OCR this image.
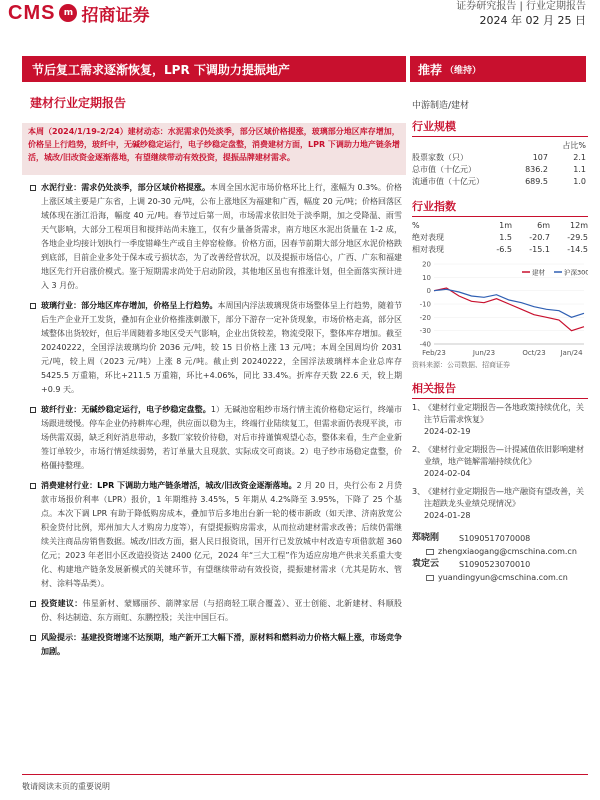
CMS m 招商证券	证券研究报告 | 行业定期报告
2024 年 02 月 25 日
节后复工需求逐渐恢复，LPR 下调助力提振地产	推荐 （维持）
建材行业定期报告	中游制造/建材
本周（2024/1/19-2/24）建材动态：水泥需求仍处淡季，部分区域价格提涨，玻璃部分地区库存增加，价格呈上行趋势，玻纤中，无碱纱稳定运行，电子纱稳定盘整，消费建材方面，LPR 下调助力地产链条增活，城改/旧改资金逐渐落地，有望继续带动有效投资，提振品牌建材需求。
水泥行业：需求仍处淡季，部分区域价格提涨。本周全国水泥市场价格环比上行，涨幅为 0.3%。价格上涨区域主要是广东省，上调 20-30 元/吨，公布上涨地区为福建和广西，幅度 20 元/吨；价格回落区域体现在浙江沿海，幅度 40 元/吨。春节过后第一周，市场需求依旧处于淡季期，加之受降温、雨雪天气影响，大部分工程项目和搅拌站尚未施工，仅有少量备货需求，南方地区水泥出货量在 1-2 成，各地企业均接计划执行一季度错峰生产或自主停窑检修。价格方面，因春节前期大部分地区水泥价格跌到底部，目前企业多处于保本或亏损状态，为了改善经营状况，以及提振市场信心，广西、广东和福建地区先行开启涨价模式。鉴于短期需求尚处于启动阶段，其他地区虽也有推涨计划，但全面落实预计进入 3 月份。
玻璃行业：部分地区库存增加，价格呈上行趋势。本周国内浮法玻璃现货市场整体呈上行趋势，随着节后生产企业开工发货，叠加有企业价格推涨刺激下，部分下游存一定补货现象，市场价格走高，部分区域整体出货较好，但后半周随着多地区受天气影响，企业出货较差，物流受限下，整体库存增加。截至 20240222，全国浮法玻璃均价 2036 元/吨，较 15 日价格上涨 13 元/吨；本周全国周均价 2031 元/吨，较上周（2023 元/吨）上涨 8 元/吨。截止到 20240222，全国浮法玻璃样本企业总库存 5425.5 万重箱，环比+211.5 万重箱，环比+4.06%，同比 33.4%。折库存天数 22.6 天，较上期+0.9 天。
玻纤行业：无碱纱稳定运行，电子纱稳定盘整。1）无碱池窑粗纱市场行情主流价格稳定运行，终端市场跟进缓慢。停车企业仍持耕库心理，供应面以稳为主，终端行业陆续复工，但需求面仍表现平淡，市场供需双弱，缺乏利好消息带动，多数厂家较价待稳，对后市持谨慎观望心态，整体来看，生产企业新签订单较少，市场行情延续弱势，若订单量大且现款、实际成交可商谈。2）电子纱市场稳定盘整，价格僵持整理。
消费建材行业：LPR 下调助力地产链条增活，城改/旧改资金逐渐落地。2 月 20 日，央行公布 2 月贷款市场报价利率（LPR）报价，1 年期维持 3.45%，5 年期从 4.2%降至 3.95%，下降了 25 个基点。本次下调 LPR 有助于降低购房成本，叠加节后多地出台新一轮的楼市新政（如天津、济南放宽公积金贷付比例，郑州加大人才购房力度等），有望提振购房需求，从而拉动建材需求改善；后续仍需继续关注商品房销售数据。城改/旧改方面，据人民日报资讯，国开行已发放城中村改造专项借款超 360 亿元；2023 年老旧小区改造投资达 2400 亿元，2024 年“三大工程”作为适应房地产供求关系重大变化、构建地产链条发展新模式的关键环节，有望继续带动有效投资，提振建材需求（尤其是防水、管材、涂料等品类）。
投资建议：伟星新材、蒙娜丽莎、箭牌家居（与招商轻工联合覆盖）、亚士创能、北新建材、科顺股份、科达制造、东方雨虹、东鹏控股；关注中国巨石。
风险提示：基建投资增速不达预期，地产新开工大幅下滑，原材料和燃料动力价格大幅上涨，市场竞争加剧。
行业规模
占比%
股票家数（只）	107	2.1
总市值（十亿元）	836.2	1.1
流通市值（十亿元）	689.5	1.0
行业指数
%	1m	6m	12m
绝对表现	1.5	-20.7	-29.5
相对表现	-6.5	-15.1	-14.5
20
10
0
-10
-20
-30
-40
Feb/23	Jun/23	Oct/23 Jan/24
建材	沪深300
资料来源：公司数据、招商证券
相关报告
1、
《建材行业定期报告—各地政策持续优化，关注节后需求恢复》
2024-02-19
2、
《建材行业定期报告—计提减值依旧影响建材业绩，地产链解需端持续优化》
2024-02-04
3、
《建材行业定期报告—地产融资有望改善，关注超跌龙头业绩兑现情况》
2024-01-28
郑晓刚	S1090517070008
zhengxiaogang@cmschina.com.cn
袁定云	S1090523070010
yuandingyun@cmschina.com.cn
敬请阅读末页的重要说明
